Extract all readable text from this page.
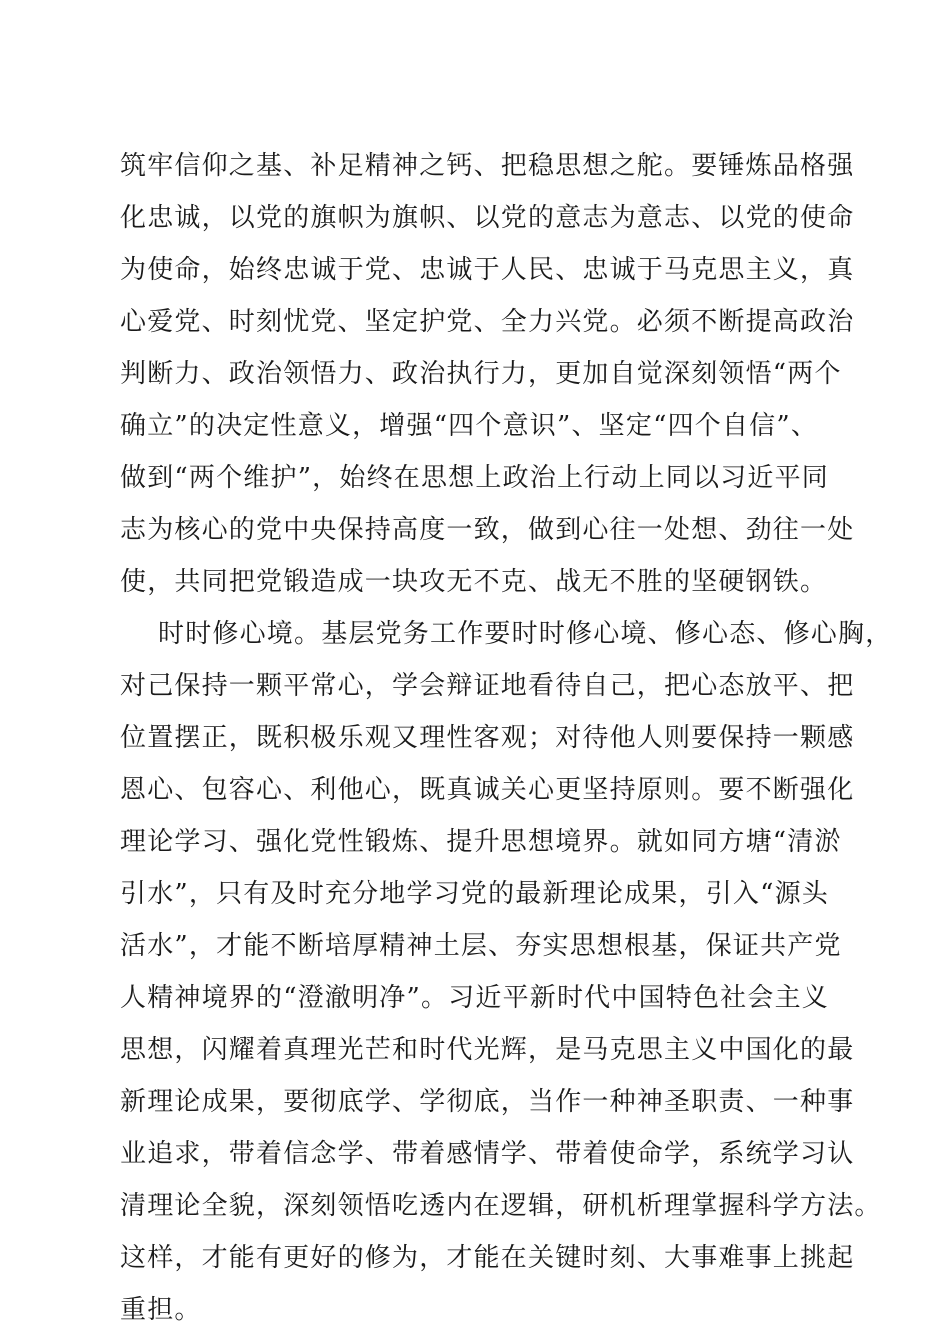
筑牢信仰之基、补足精神之钙、把稳思想之舵。要锤炼品格强
化忠诚，以党的旗帜为旗帜、以党的意志为意志、以党的使命
为使命，始终忠诚于党、忠诚于人民、忠诚于马克思主义，真
心爱党、时刻忧党、坚定护党、全力兴党。必须不断提高政治
判断力、政治领悟力、政治执行力，更加自觉深刻领悟“两个
确立”的决定性意义，增强“四个意识”、坚定“四个自信”、
做到“两个维护”，始终在思想上政治上行动上同以习近平同
志为核心的党中央保持高度一致，做到心往一处想、劲往一处
使，共同把党锻造成一块攻无不克、战无不胜的坚硬钢铁。
时时修心境。基层党务工作要时时修心境、修心态、修心胸，
对己保持一颗平常心，学会辩证地看待自己，把心态放平、把
位置摆正，既积极乐观又理性客观；对待他人则要保持一颗感
恩心、包容心、利他心，既真诚关心更坚持原则。要不断强化
理论学习、强化党性锻炼、提升思想境界。就如同方塘“清淤
引水”，只有及时充分地学习党的最新理论成果，引入“源头
活水”，才能不断培厚精神土层、夯实思想根基，保证共产党
人精神境界的“澄澈明净”。习近平新时代中国特色社会主义
思想，闪耀着真理光芒和时代光辉，是马克思主义中国化的最
新理论成果，要彻底学、学彻底，当作一种神圣职责、一种事
业追求，带着信念学、带着感情学、带着使命学，系统学习认
清理论全貌，深刻领悟吃透内在逻辑，研机析理掌握科学方法。
这样，才能有更好的修为，才能在关键时刻、大事难事上挑起
重担。
